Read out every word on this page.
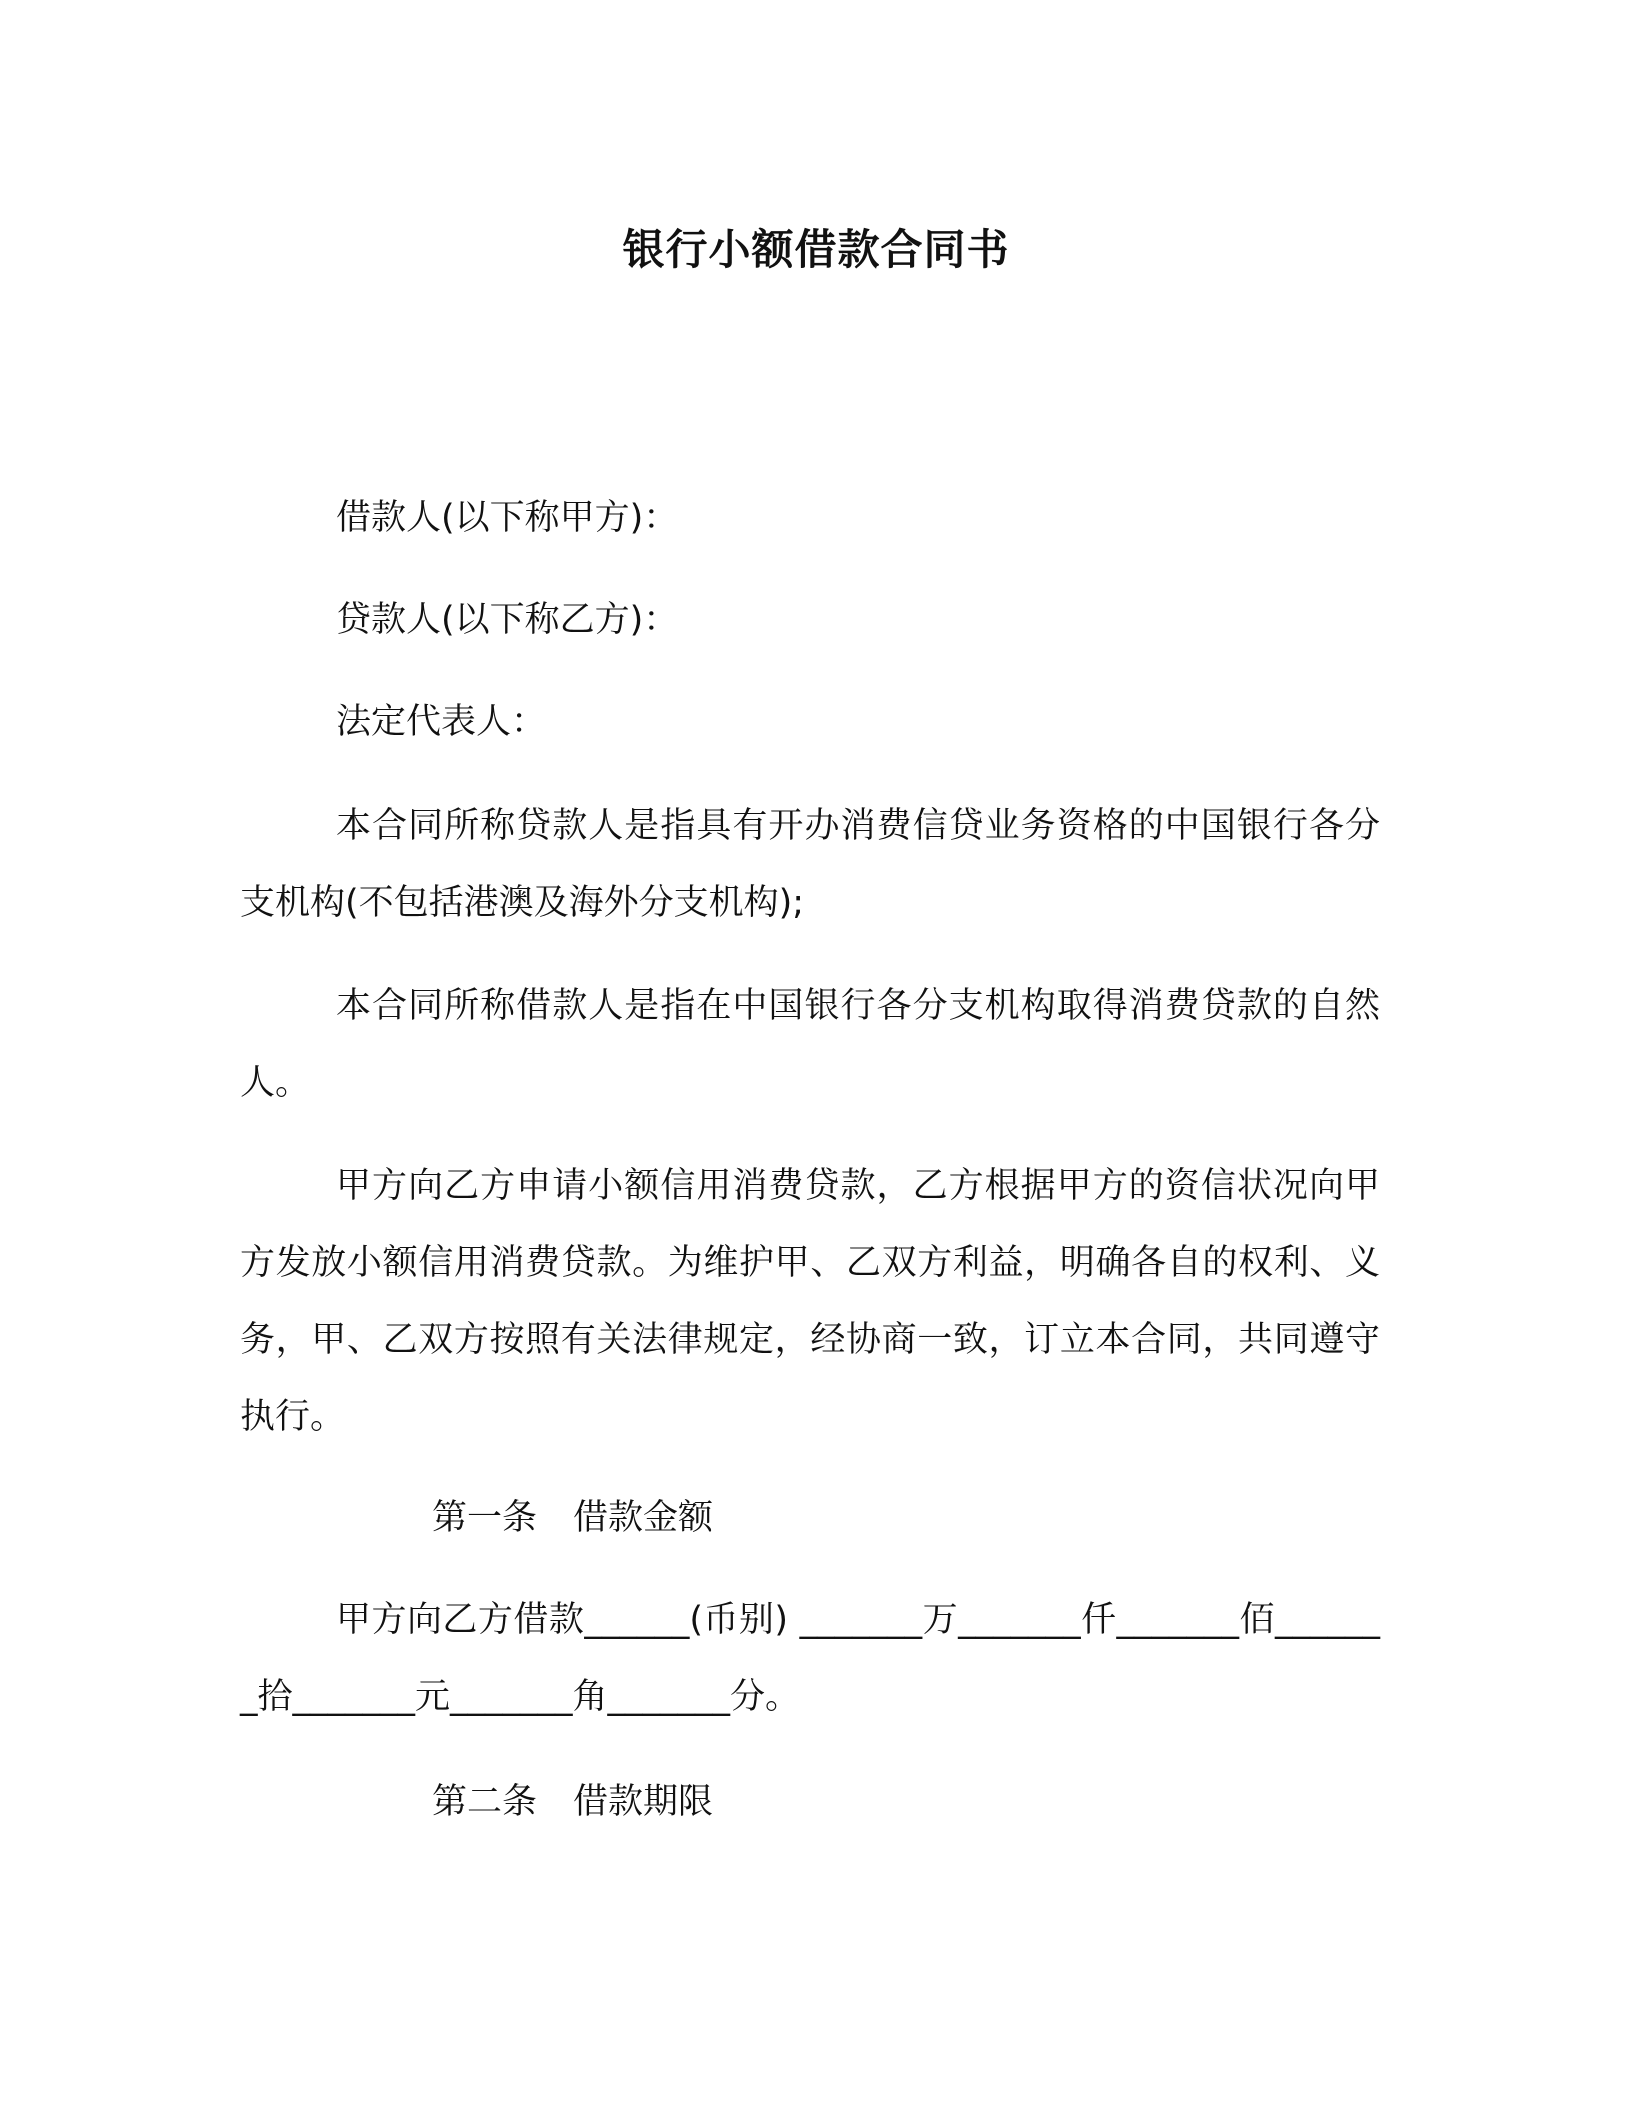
银行小额借款合同书

借款人(以下称甲方)：

贷款人(以下称乙方)：

法定代表人：

本合同所称贷款人是指具有开办消费信贷业务资格的中国银行各分支机构(不包括港澳及海外分支机构);

本合同所称借款人是指在中国银行各分支机构取得消费贷款的自然人。

甲方向乙方申请小额信用消费贷款，乙方根据甲方的资信状况向甲方发放小额信用消费贷款。为维护甲、乙双方利益，明确各自的权利、义务，甲、乙双方按照有关法律规定，经协商一致，订立本合同，共同遵守执行。

第一条 借款金额

甲方向乙方借款______(币别) _______万_______仟_______佰_______拾_______元_______角_______分。

第二条 借款期限
